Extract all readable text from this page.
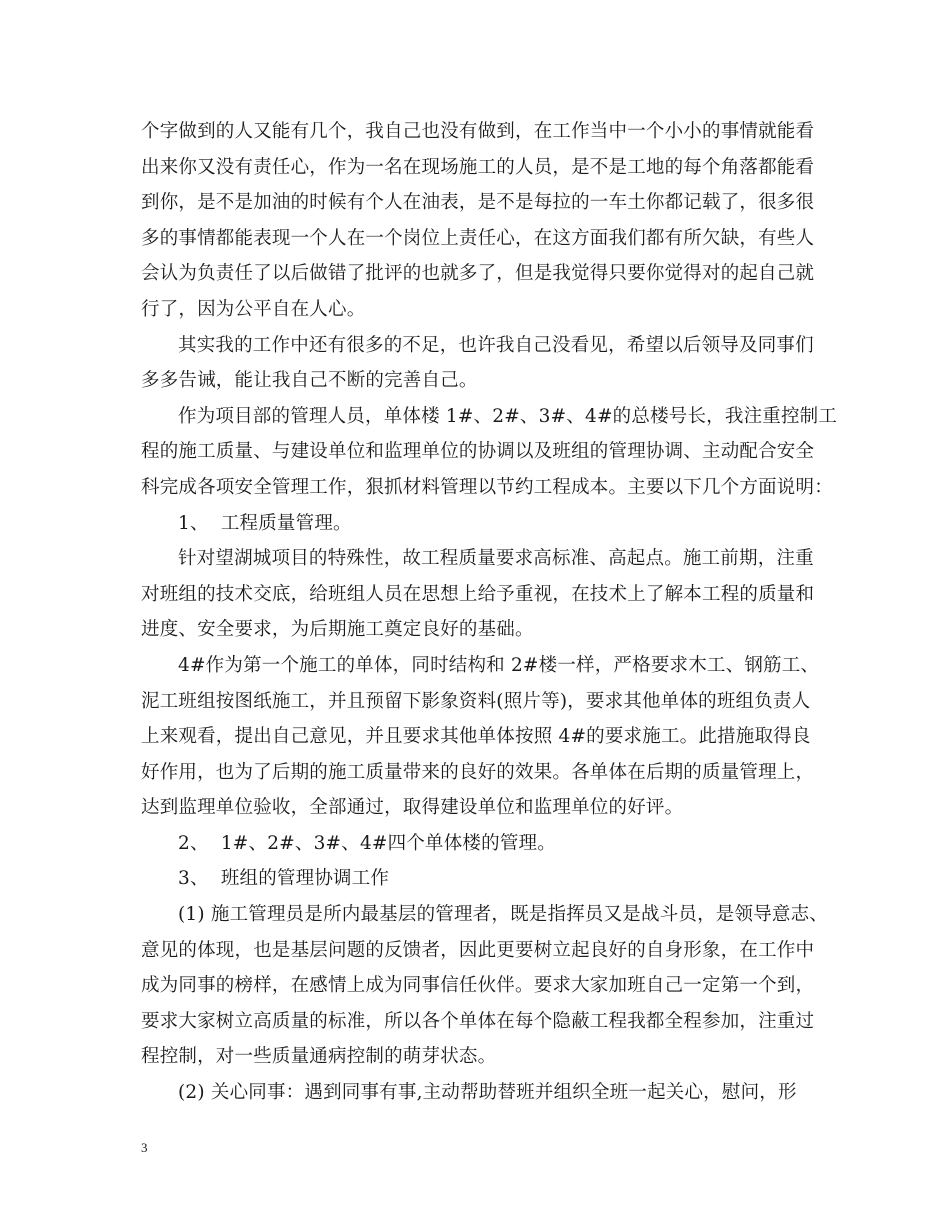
个字做到的人又能有几个，我自己也没有做到，在工作当中一个小小的事情就能看
出来你又没有责任心，作为一名在现场施工的人员，是不是工地的每个角落都能看
到你，是不是加油的时候有个人在油表，是不是每拉的一车土你都记载了，很多很
多的事情都能表现一个人在一个岗位上责任心，在这方面我们都有所欠缺，有些人
会认为负责任了以后做错了批评的也就多了，但是我觉得只要你觉得对的起自己就
行了，因为公平自在人心。

其实我的工作中还有很多的不足，也许我自己没看见，希望以后领导及同事们
多多告诫，能让我自己不断的完善自己。

作为项目部的管理人员，单体楼 1#、2#、3#、4#的总楼号长，我注重控制工
程的施工质量、与建设单位和监理单位的协调以及班组的管理协调、主动配合安全
科完成各项安全管理工作，狠抓材料管理以节约工程成本。主要以下几个方面说明：

1、  工程质量管理。

针对望湖城项目的特殊性，故工程质量要求高标准、高起点。施工前期，注重
对班组的技术交底，给班组人员在思想上给予重视，在技术上了解本工程的质量和
进度、安全要求，为后期施工奠定良好的基础。

4#作为第一个施工的单体，同时结构和 2#楼一样，严格要求木工、钢筋工、
泥工班组按图纸施工，并且预留下影象资料(照片等)，要求其他单体的班组负责人
上来观看，提出自己意见，并且要求其他单体按照 4#的要求施工。此措施取得良
好作用，也为了后期的施工质量带来的良好的效果。各单体在后期的质量管理上，
达到监理单位验收，全部通过，取得建设单位和监理单位的好评。

2、  1#、2#、3#、4#四个单体楼的管理。

3、  班组的管理协调工作

(1) 施工管理员是所内最基层的管理者，既是指挥员又是战斗员，是领导意志、
意见的体现，也是基层问题的反馈者，因此更要树立起良好的自身形象，在工作中
成为同事的榜样，在感情上成为同事信任伙伴。要求大家加班自己一定第一个到，
要求大家树立高质量的标准，所以各个单体在每个隐蔽工程我都全程参加，注重过
程控制，对一些质量通病控制的萌芽状态。

(2) 关心同事：遇到同事有事,主动帮助替班并组织全班一起关心，慰问，形

3
